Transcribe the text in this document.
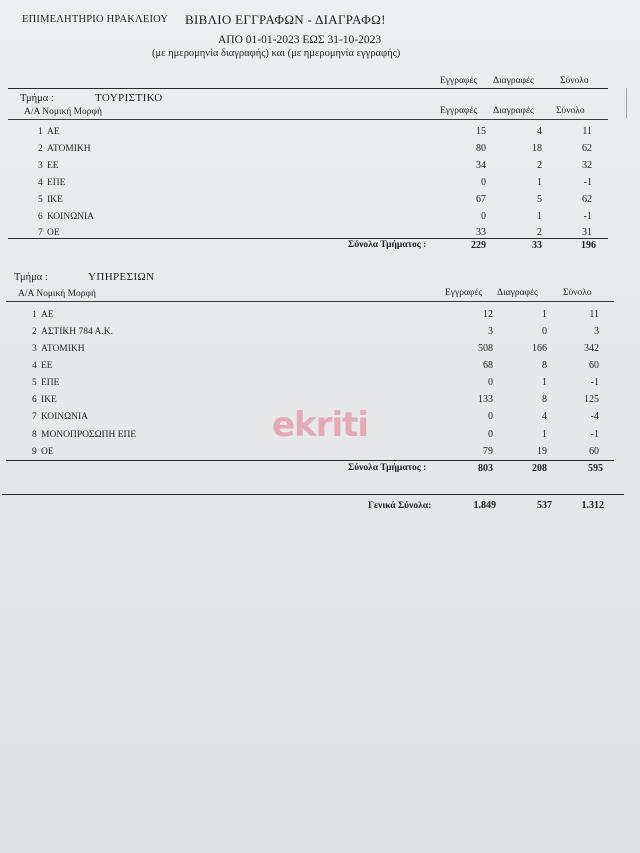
ΕΠΙΜΕΛΗΤΗΡΙΟ ΗΡΑΚΛΕΙΟΥ ΒΙΒΛΙΟ ΕΓΓΡΑΦΩΝ - ΔΙΑΓΡΑΦΩ!
ΑΠΟ 01-01-2023 ΕΩΣ 31-10-2023
(με ημερομηνία διαγραφής) και (με ημερομηνία εγγραφής)
Εγγραφές Διαγραφές	Σύνολο
Τμήμα :	ΤΟΥΡΙΣΤΙΚΟ
Α/Α Νομική Μορφή	Εγγραφές Διαγραφές Σύνολο
1 ΑΕ	15	4	11
2 ΑΤΟΜΙΚΗ	80	18	62
3 ΕΕ	34	2	32
4 ΕΠΕ	0	1	-1
5 ΙΚΕ	67	5	62
6 ΚΟΙΝΩΝΙΑ	0	1	-1
7 ΟΕ	33	2	31
Σύνολα Τμήματος :	229	33	196
Τμήμα :	ΥΠΗΡΕΣΙΩΝ
Α/Α Νομική Μορφή	Εγγραφές Διαγραφές	Σύνολο
1 ΑΕ	12	1	11
2 ΑΣΤΙΚΗ 784 Α.Κ.	3	0	3
3 ΑΤΟΜΙΚΗ	508	166	342
4 ΕΕ	68	8	60
5 ΕΠΕ	0	1	-1
6 ΙΚΕ	133	8	125
7 ΚΟΙΝΩΝΙΑ	0	4	-4
8 ΜΟΝΟΠΡΟΣΩΠΗ ΕΠΕ	0	1	-1
9 ΟΕ	79	19	60
Σύνολα Τμήματος :	803	208	595
Γενικά Σύνολα:	1.849	537	1.312
ekriti
